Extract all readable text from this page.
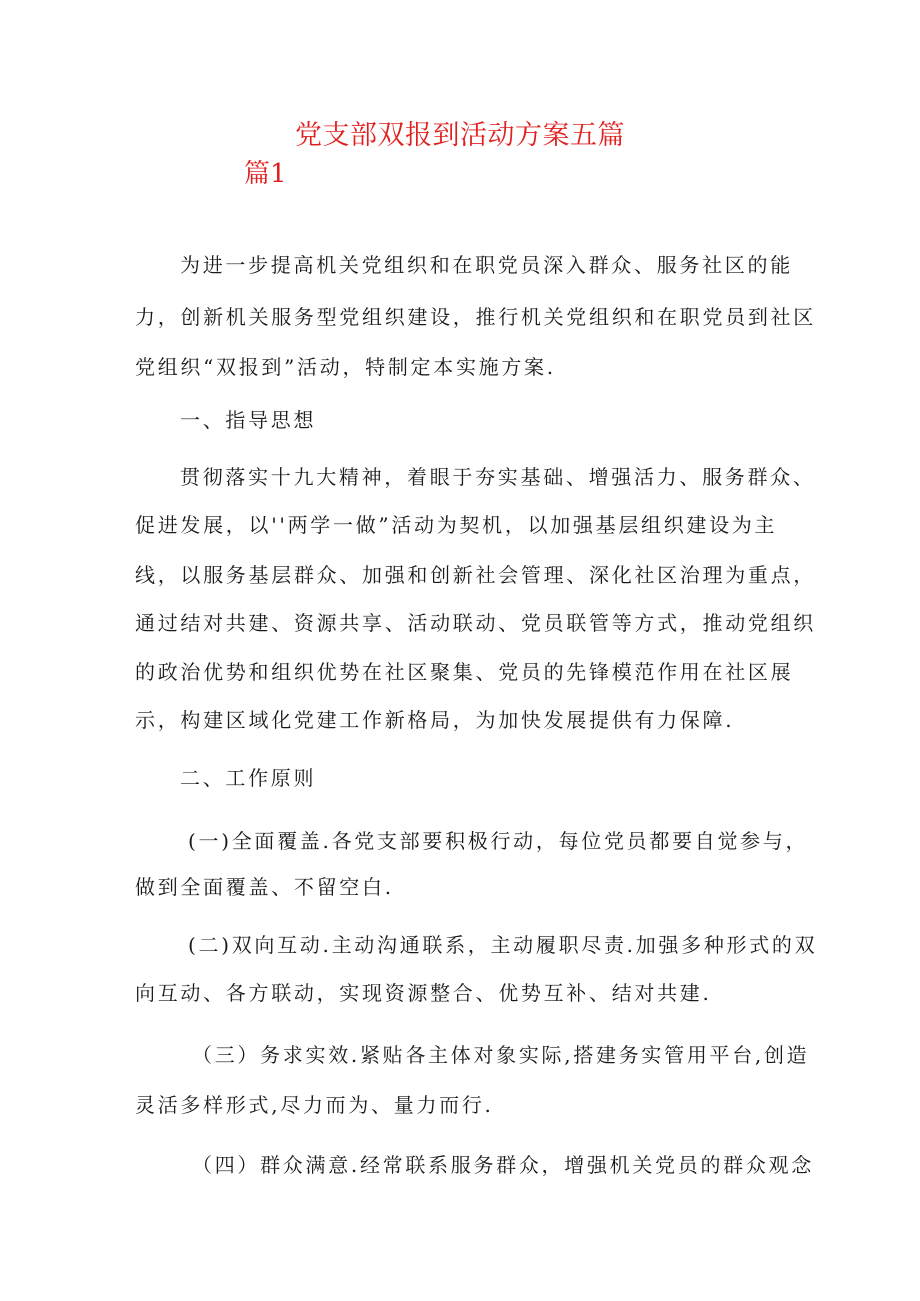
党支部双报到活动方案五篇
篇1
为进一步提高机关党组织和在职党员深入群众、服务社区的能
力，创新机关服务型党组织建设，推行机关党组织和在职党员到社区
党组织“双报到”活动，特制定本实施方案.
一、指导思想
贯彻落实十九大精神，着眼于夯实基础、增强活力、服务群众、
促进发展，以''两学一做”活动为契机，以加强基层组织建设为主
线，以服务基层群众、加强和创新社会管理、深化社区治理为重点，
通过结对共建、资源共享、活动联动、党员联管等方式，推动党组织
的政治优势和组织优势在社区聚集、党员的先锋模范作用在社区展
示，构建区域化党建工作新格局，为加快发展提供有力保障.
二、工作原则
(一)全面覆盖.各党支部要积极行动，每位党员都要自觉参与，
做到全面覆盖、不留空白.
(二)双向互动.主动沟通联系，主动履职尽责.加强多种形式的双
向互动、各方联动，实现资源整合、优势互补、结对共建.
（三）务求实效.紧贴各主体对象实际,搭建务实管用平台,创造
灵活多样形式,尽力而为、量力而行.
（四）群众满意.经常联系服务群众，增强机关党员的群众观念
